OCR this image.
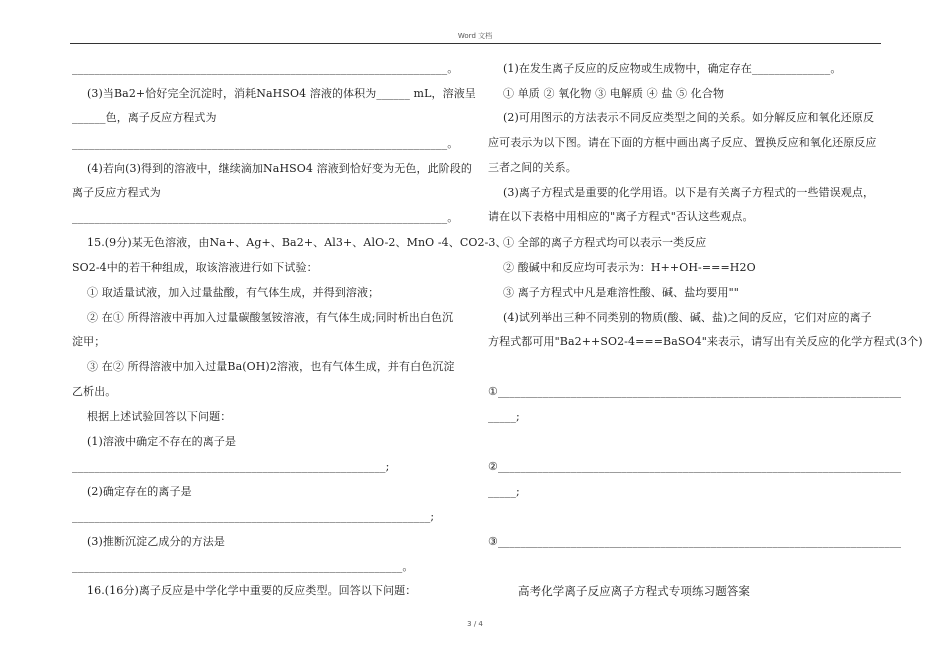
Word 文档
___________________________________________________________________。
(3)当Ba2+恰好完全沉淀时，消耗NaHSO4 溶液的体积为______ mL，溶液呈
______色，离子反应方程式为
___________________________________________________________________。
(4)若向(3)得到的溶液中，继续滴加NaHSO4 溶液到恰好变为无色，此阶段的
离子反应方程式为
___________________________________________________________________。
15.(9分)某无色溶液，由Na+、Ag+、Ba2+、Al3+、AlO-2、MnO -4、CO2-3、
SO2-4中的若干种组成，取该溶液进行如下试验：
① 取适量试液，加入过量盐酸，有气体生成，并得到溶液；
② 在① 所得溶液中再加入过量碳酸氢铵溶液，有气体生成;同时析出白色沉
淀甲；
③ 在② 所得溶液中加入过量Ba(OH)2溶液，也有气体生成，并有白色沉淀
乙析出。
根据上述试验回答以下问题：
(1)溶液中确定不存在的离子是
________________________________________________________;
(2)确定存在的离子是
________________________________________________________________;
(3)推断沉淀乙成分的方法是
___________________________________________________________。
16.(16分)离子反应是中学化学中重要的反应类型。回答以下问题：
(1)在发生离子反应的反应物或生成物中，确定存在______________。
① 单质 ② 氧化物 ③ 电解质 ④ 盐 ⑤ 化合物
(2)可用图示的方法表示不同反应类型之间的关系。如分解反应和氧化还原反
应可表示为以下图。请在下面的方框中画出离子反应、置换反应和氧化还原反应
三者之间的关系。
(3)离子方程式是重要的化学用语。以下是有关离子方程式的一些错误观点，
请在以下表格中用相应的"离子方程式"否认这些观点。
① 全部的离子方程式均可以表示一类反应
② 酸碱中和反应均可表示为：H++OH-===H2O
③ 离子方程式中凡是难溶性酸、碱、盐均要用""
(4)试列举出三种不同类别的物质(酸、碱、盐)之间的反应，它们对应的离子
方程式都可用"Ba2++SO2-4===BaSO4"来表示，请写出有关反应的化学方程式(3个)
①________________________________________________________________________
_____;
②________________________________________________________________________
_____;
③________________________________________________________________________
高考化学离子反应离子方程式专项练习题答案
3 / 4
